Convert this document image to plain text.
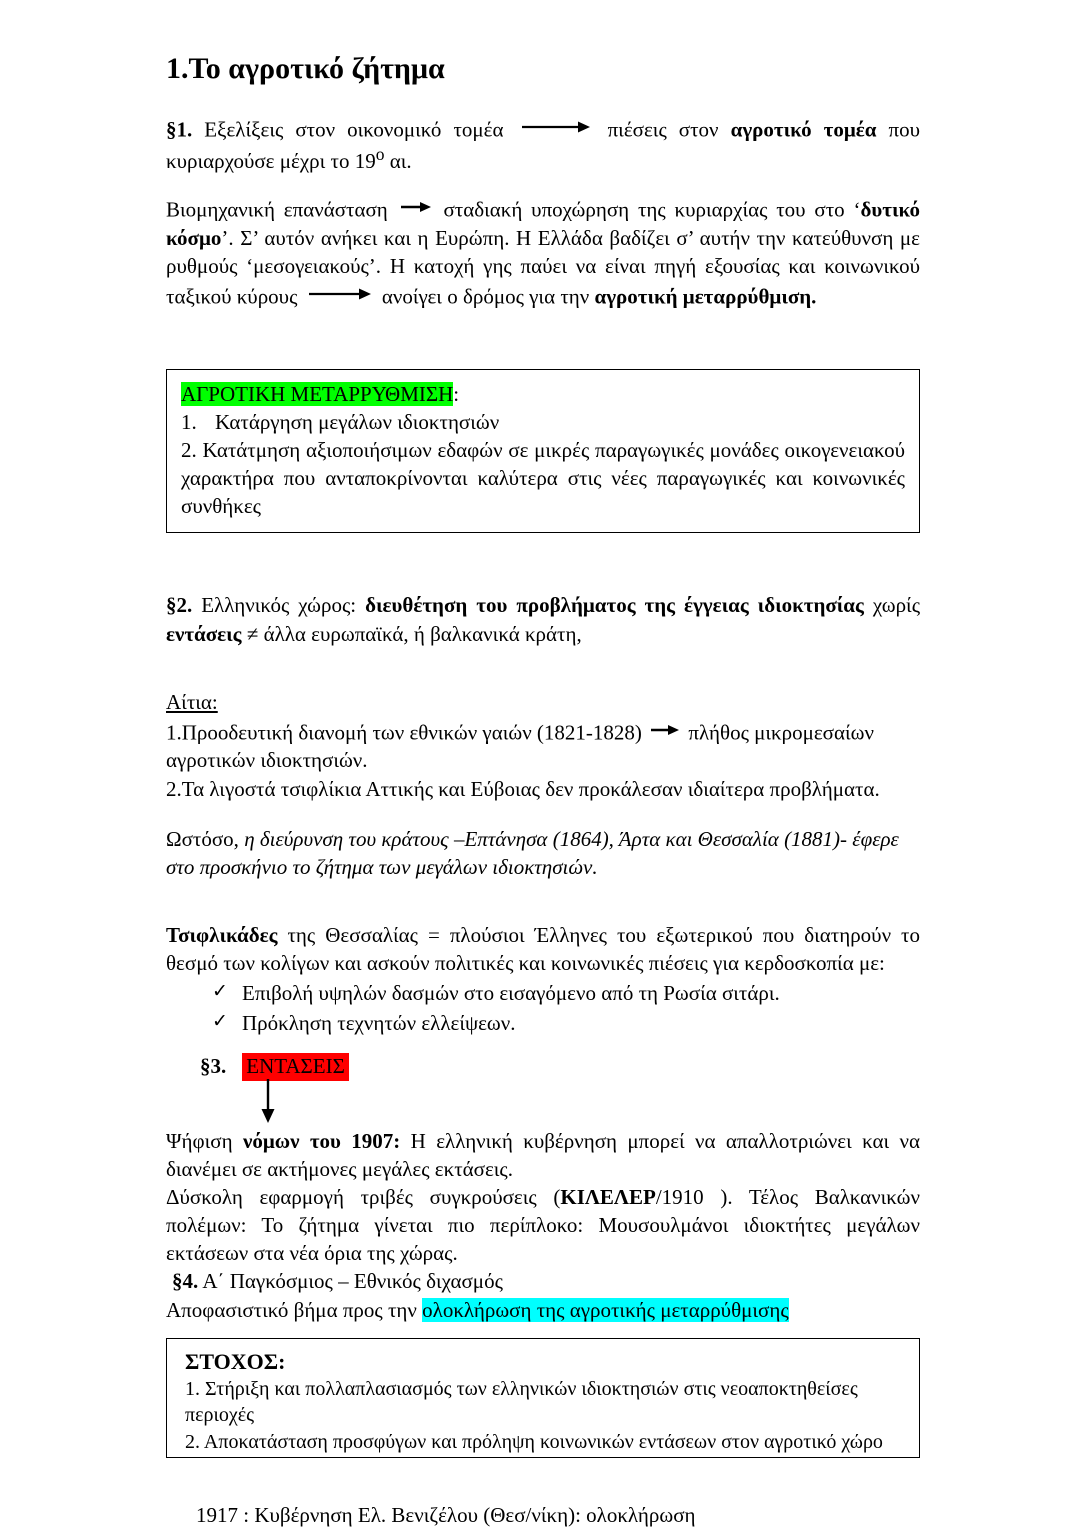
1.Το αγροτικό ζήτημα

§1. Εξελίξεις στον οικονομικό τομέα	πιέσεις στον αγροτικό τομέα που κυριαρχούσε μέχρι το $19^o$ αι.

Βιομηχανική επανάσταση	σταδιακή υποχώρηση της κυριαρχίας του στο ‘δυτικό κόσμο’. Σ’ αυτόν ανήκει και η Ευρώπη. Η Ελλάδα βαδίζει σ’ αυτήν την κατεύθυνση με ρυθμούς ‘μεσογειακούς’. Η κατοχή γης παύει να είναι πηγή εξουσίας και κοινωνικού ταξικού κύρους	ανοίγει ο δρόμος για την αγροτική μεταρρύθμιση.

ΑΓΡΟΤΙΚΗ ΜΕΤΑΡΡΥΘΜΙΣΗ:

1. Κατάργηση μεγάλων ιδιοκτησιών

2. Κατάτμηση αξιοποιήσιμων εδαφών σε μικρές παραγωγικές μονάδες οικογενειακού χαρακτήρα που ανταποκρίνονται καλύτερα στις νέες παραγωγικές και κοινωνικές συνθήκες

§2. Ελληνικός χώρος: διευθέτηση του προβλήματος της έγγειας ιδιοκτησίας χωρίς εντάσεις ≠ άλλα ευρωπαϊκά, ή βαλκανικά κράτη,

Αίτια:

1.Προοδευτική διανομή των εθνικών γαιών (1821-1828) πλήθος μικρομεσαίων αγροτικών ιδιοκτησιών.

2.Τα λιγοστά τσιφλίκια Αττικής και Εύβοιας δεν προκάλεσαν ιδιαίτερα προβλήματα.

Ωστόσο, η διεύρυνση του κράτους –Επτάνησα (1864), Άρτα και Θεσσαλία (1881)- έφερε στο προσκήνιο το ζήτημα των μεγάλων ιδιοκτησιών.

Τσιφλικάδες της Θεσσαλίας = πλούσιοι Έλληνες του εξωτερικού που διατηρούν το θεσμό των κολίγων και ασκούν πολιτικές και κοινωνικές πιέσεις για κερδοσκοπία με:

✓ Επιβολή υψηλών δασμών στο εισαγόμενο από τη Ρωσία σιτάρι.
✓ Πρόκληση τεχνητών ελλείψεων.
§3. ΕΝΤΑΣΕΙΣ

Ψήφιση νόμων του 1907: Η ελληνική κυβέρνηση μπορεί να απαλλοτριώνει και να διανέμει σε ακτήμονες μεγάλες εκτάσεις.

Δύσκολη εφαρμογή τριβές συγκρούσεις (ΚΙΛΕΛΕΡ/1910 ). Τέλος Βαλκανικών πολέμων: Το ζήτημα γίνεται πιο περίπλοκο: Μουσουλμάνοι ιδιοκτήτες μεγάλων εκτάσεων στα νέα όρια της χώρας.

§4. Α΄ Παγκόσμιος – Εθνικός διχασμός

Αποφασιστικό βήμα προς την ολοκλήρωση της αγροτικής μεταρρύθμισης

ΣΤΟΧΟΣ:

1. Στήριξη και πολλαπλασιασμός των ελληνικών ιδιοκτησιών στις νεοαποκτηθείσες περιοχές

2. Αποκατάσταση προσφύγων και πρόληψη κοινωνικών εντάσεων στον αγροτικό χώρο

1917 : Κυβέρνηση Ελ. Βενιζέλου (Θεσ/νίκη): ολοκλήρωση
